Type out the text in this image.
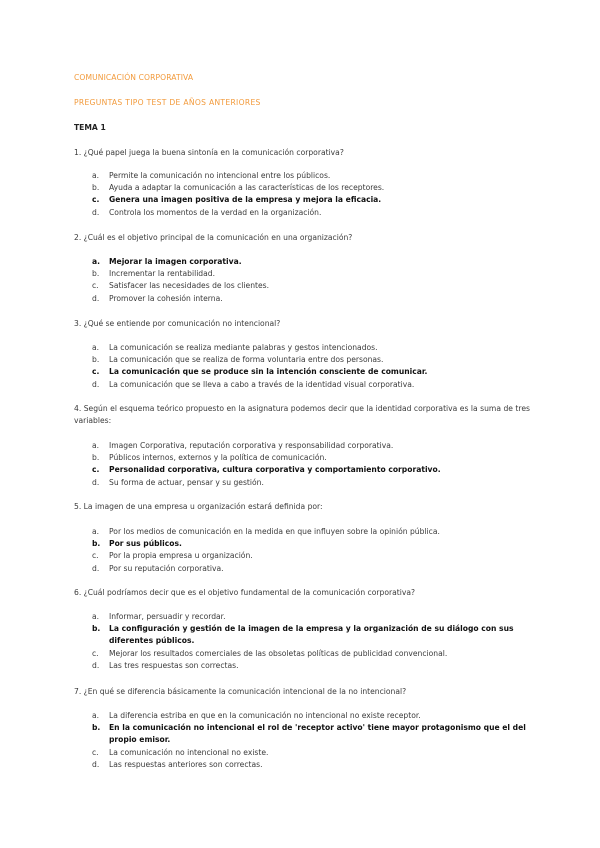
COMUNICACIÓN CORPORATIVA
PREGUNTAS TIPO TEST DE AÑOS ANTERIORES
TEMA 1
1. ¿Qué papel juega la buena sintonía en la comunicación corporativa?
a. Permite la comunicación no intencional entre los públicos.
b. Ayuda a adaptar la comunicación a las características de los receptores.
c. Genera una imagen positiva de la empresa y mejora la eficacia.
d. Controla los momentos de la verdad en la organización.
2. ¿Cuál es el objetivo principal de la comunicación en una organización?
a. Mejorar la imagen corporativa.
b. Incrementar la rentabilidad.
c. Satisfacer las necesidades de los clientes.
d. Promover la cohesión interna.
3. ¿Qué se entiende por comunicación no intencional?
a. La comunicación se realiza mediante palabras y gestos intencionados.
b. La comunicación que se realiza de forma voluntaria entre dos personas.
c. La comunicación que se produce sin la intención consciente de comunicar.
d. La comunicación que se lleva a cabo a través de la identidad visual corporativa.
4. Según el esquema teórico propuesto en la asignatura podemos decir que la identidad corporativa es la suma de tres variables:
a. Imagen Corporativa, reputación corporativa y responsabilidad corporativa.
b. Públicos internos, externos y la política de comunicación.
c. Personalidad corporativa, cultura corporativa y comportamiento corporativo.
d. Su forma de actuar, pensar y su gestión.
5. La imagen de una empresa u organización estará definida por:
a. Por los medios de comunicación en la medida en que influyen sobre la opinión pública.
b. Por sus públicos.
c. Por la propia empresa u organización.
d. Por su reputación corporativa.
6. ¿Cuál podríamos decir que es el objetivo fundamental de la comunicación corporativa?
a. Informar, persuadir y recordar.
b. La configuración y gestión de la imagen de la empresa y la organización de su diálogo con sus diferentes públicos.
c. Mejorar los resultados comerciales de las obsoletas políticas de publicidad convencional.
d. Las tres respuestas son correctas.
7. ¿En qué se diferencia básicamente la comunicación intencional de la no intencional?
a. La diferencia estriba en que en la comunicación no intencional no existe receptor.
b. En la comunicación no intencional el rol de 'receptor activo' tiene mayor protagonismo que el del propio emisor.
c. La comunicación no intencional no existe.
d. Las respuestas anteriores son correctas.
